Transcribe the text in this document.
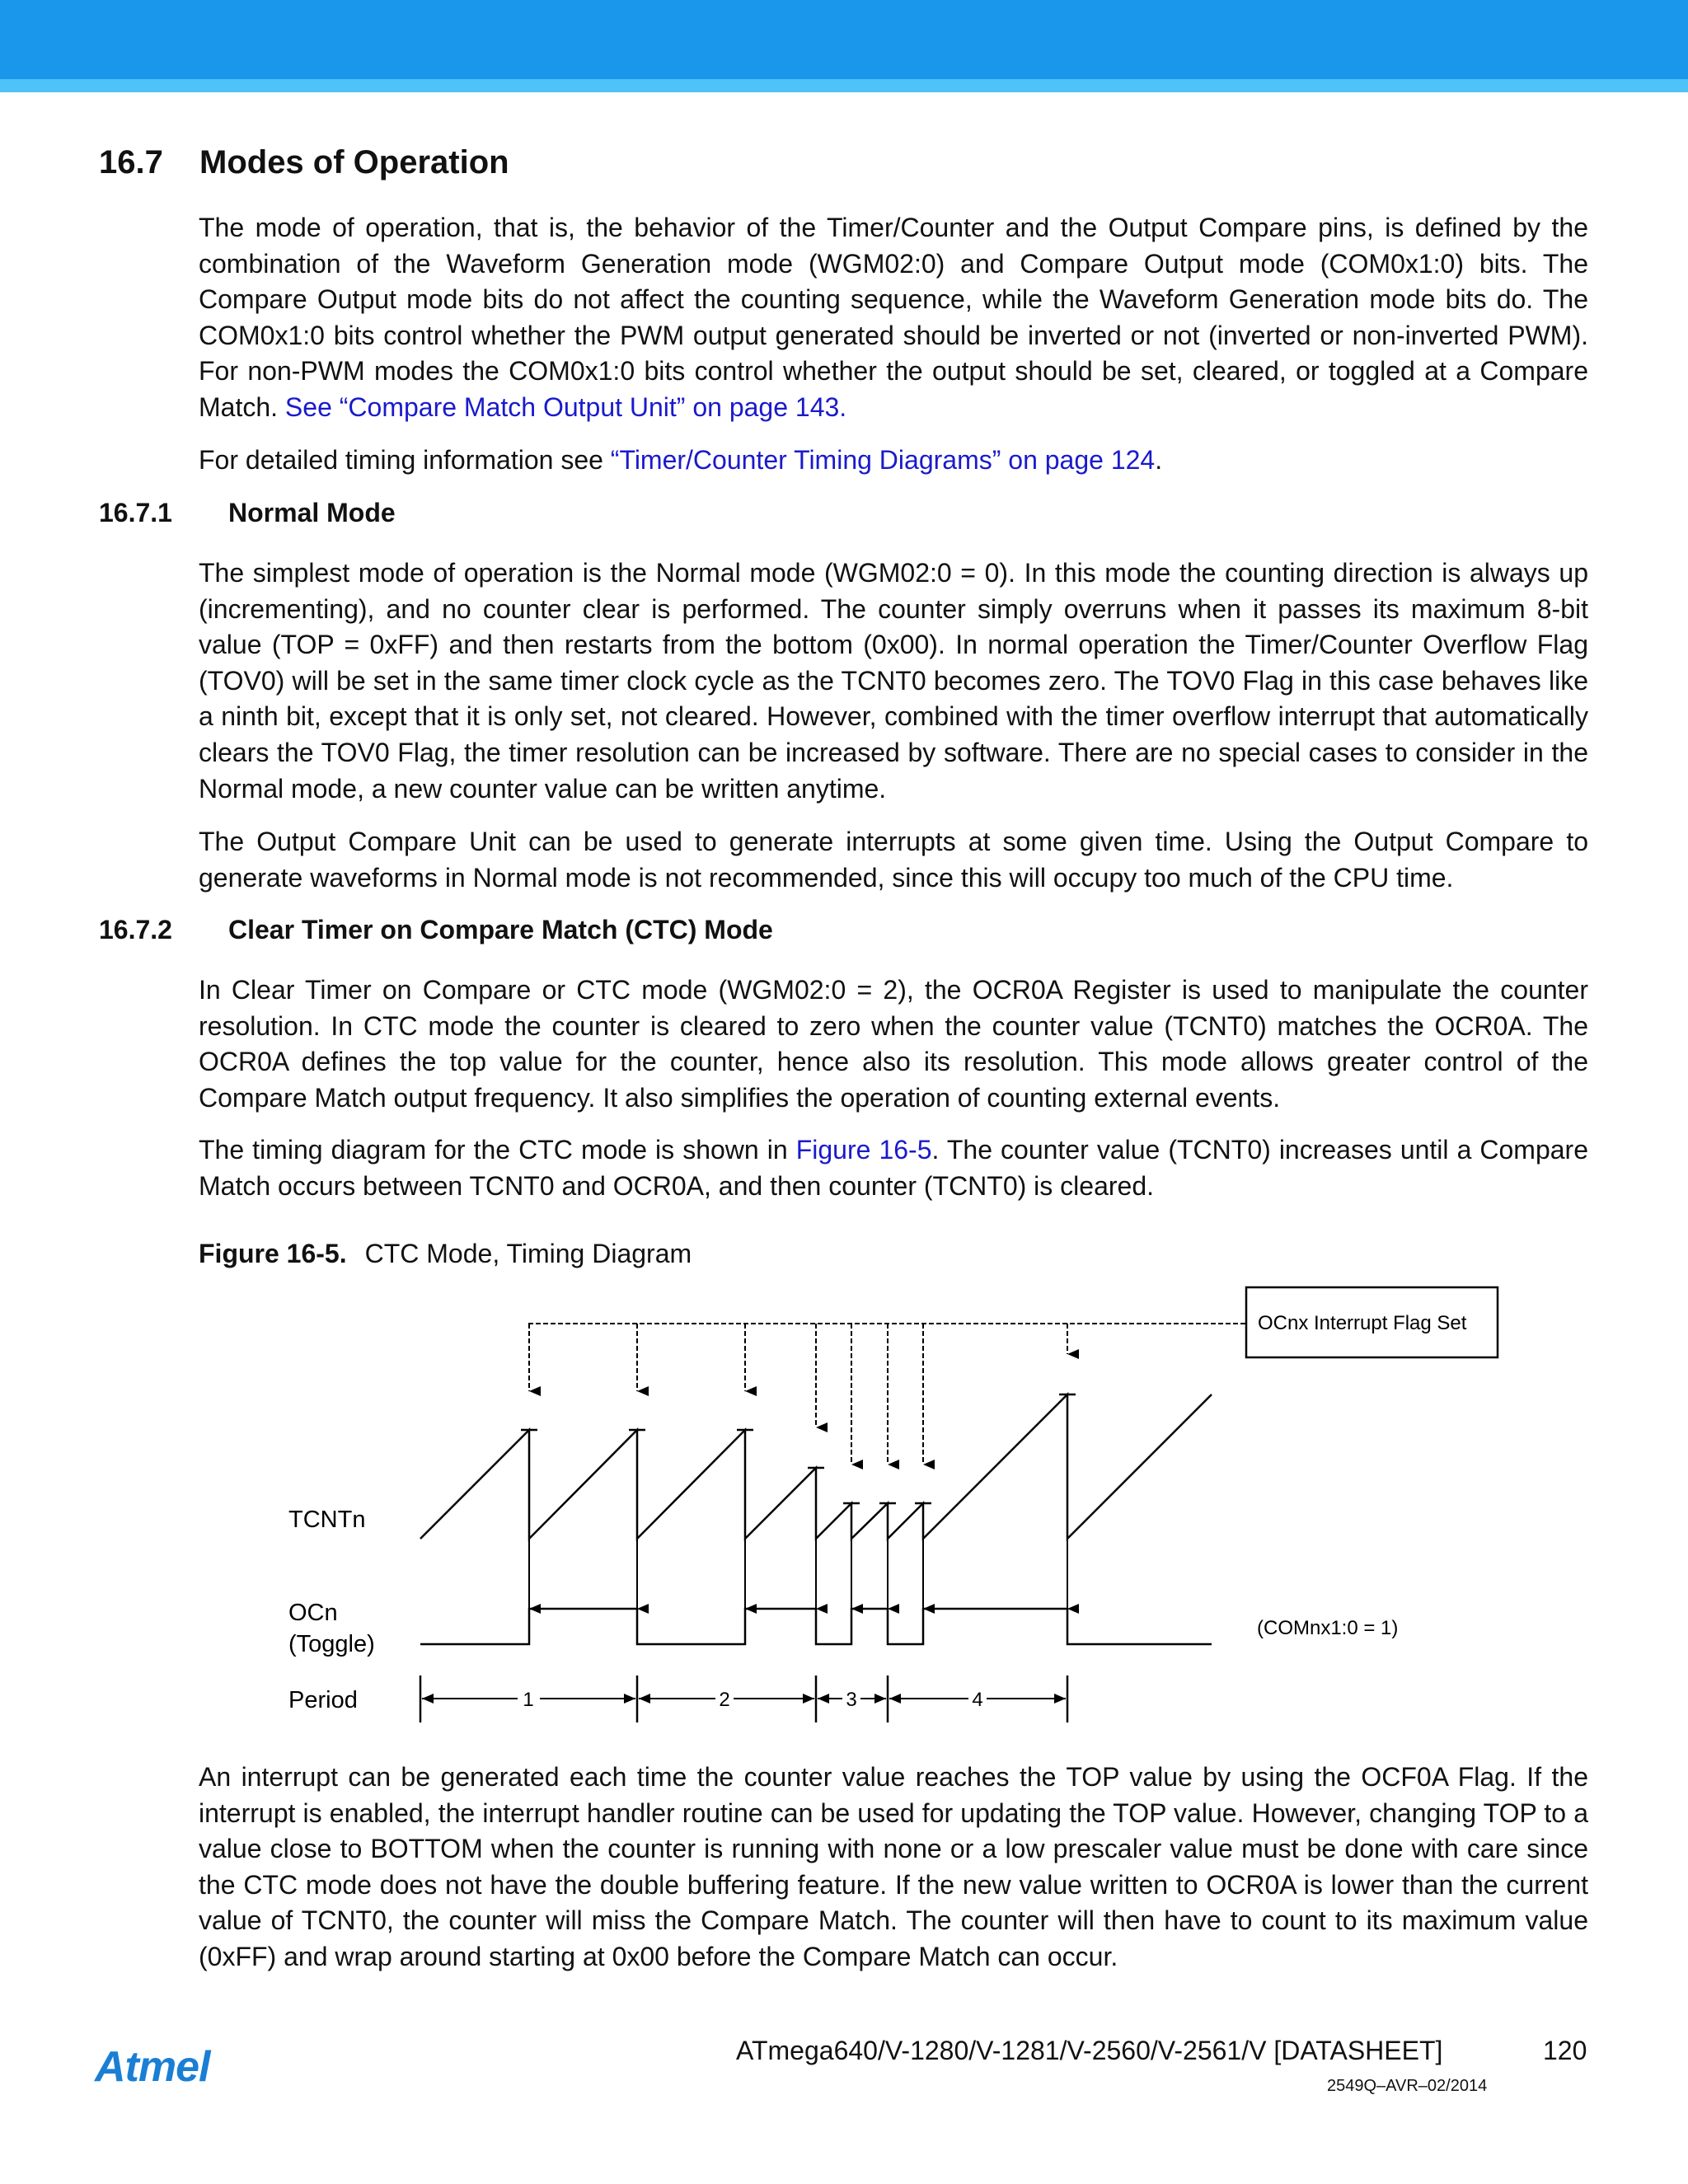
16.7 Modes of Operation

The mode of operation, that is, the behavior of the Timer/Counter and the Output Compare pins, is defined by the combination of the Waveform Generation mode (WGM02:0) and Compare Output mode (COM0x1:0) bits. The Compare Output mode bits do not affect the counting sequence, while the Waveform Generation mode bits do. The COM0x1:0 bits control whether the PWM output generated should be inverted or not (inverted or non-inverted PWM). For non-PWM modes the COM0x1:0 bits control whether the output should be set, cleared, or toggled at a Compare Match. See “Compare Match Output Unit” on page 143.

For detailed timing information see “Timer/Counter Timing Diagrams” on page 124.

16.7.1 Normal Mode

The simplest mode of operation is the Normal mode (WGM02:0 = 0). In this mode the counting direction is always up (incrementing), and no counter clear is performed. The counter simply overruns when it passes its maximum 8-bit value (TOP = 0xFF) and then restarts from the bottom (0x00). In normal operation the Timer/Counter Overflow Flag (TOV0) will be set in the same timer clock cycle as the TCNT0 becomes zero. The TOV0 Flag in this case behaves like a ninth bit, except that it is only set, not cleared. However, combined with the timer overflow interrupt that automatically clears the TOV0 Flag, the timer resolution can be increased by software. There are no special cases to consider in the Normal mode, a new counter value can be written anytime.

The Output Compare Unit can be used to generate interrupts at some given time. Using the Output Compare to generate waveforms in Normal mode is not recommended, since this will occupy too much of the CPU time.

16.7.2 Clear Timer on Compare Match (CTC) Mode

In Clear Timer on Compare or CTC mode (WGM02:0 = 2), the OCR0A Register is used to manipulate the counter resolution. In CTC mode the counter is cleared to zero when the counter value (TCNT0) matches the OCR0A. The OCR0A defines the top value for the counter, hence also its resolution. This mode allows greater control of the Compare Match output frequency. It also simplifies the operation of counting external events.

The timing diagram for the CTC mode is shown in Figure 16-5. The counter value (TCNT0) increases until a Compare Match occurs between TCNT0 and OCR0A, and then counter (TCNT0) is cleared.

Figure 16-5. CTC Mode, Timing Diagram
OCnx Interrupt Flag Set
TCNTn
OCn
(Toggle)
Period
(COMnx1:0 = 1)
1	2	3	4

An interrupt can be generated each time the counter value reaches the TOP value by using the OCF0A Flag. If the interrupt is enabled, the interrupt handler routine can be used for updating the TOP value. However, changing TOP to a value close to BOTTOM when the counter is running with none or a low prescaler value must be done with care since the CTC mode does not have the double buffering feature. If the new value written to OCR0A is lower than the current value of TCNT0, the counter will miss the Compare Match. The counter will then have to count to its maximum value (0xFF) and wrap around starting at 0x00 before the Compare Match can occur.

Atmel	ATmega640/V-1280/V-1281/V-2560/V-2561/V [DATASHEET]	120
2549Q–AVR–02/2014
